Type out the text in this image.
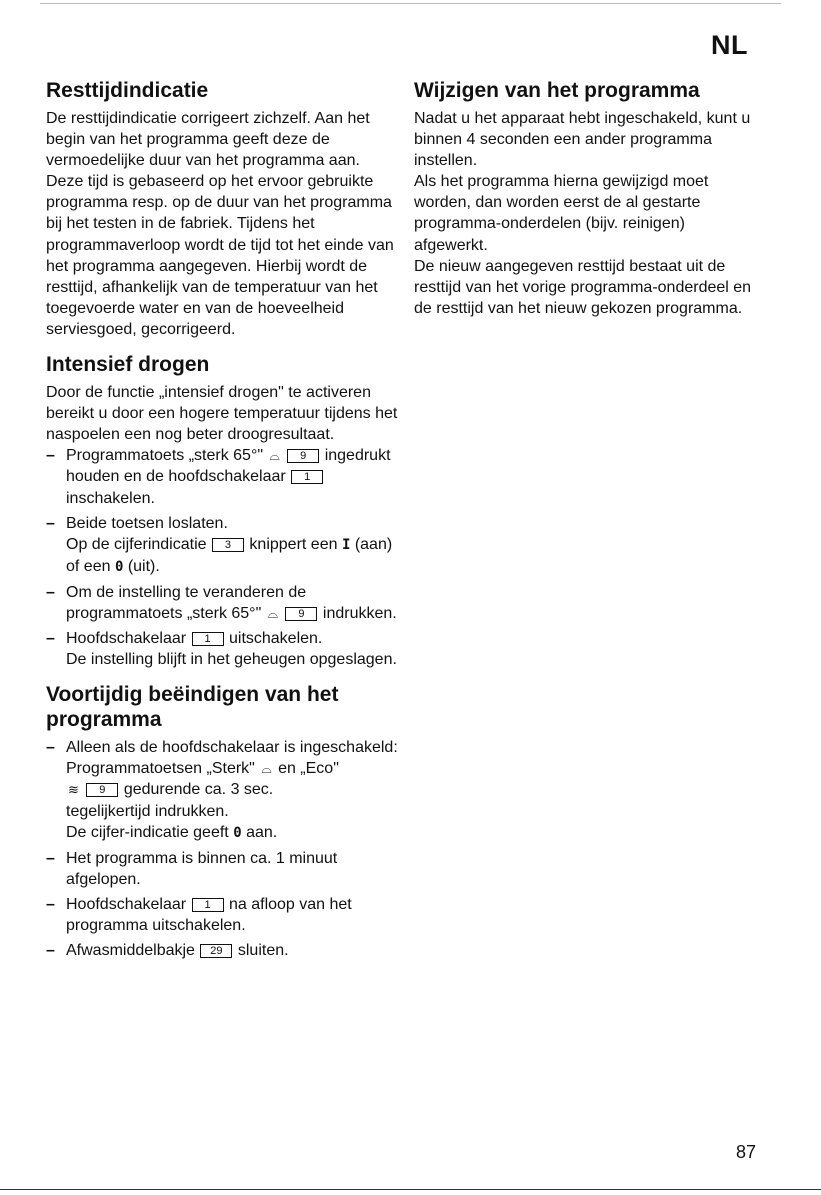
NL
Resttijdindicatie

De resttijdindicatie corrigeert zichzelf. Aan het begin van het programma geeft deze de vermoedelijke duur van het programma aan. Deze tijd is gebaseerd op het ervoor gebruikte programma resp. op de duur van het programma bij het testen in de fabriek. Tijdens het programmaverloop wordt de tijd tot het einde van het programma aangegeven. Hierbij wordt de resttijd, afhankelijk van de temperatuur van het toegevoerde water en van de hoeveelheid serviesgoed, gecorrigeerd.

Intensief drogen

Door de functie „intensief drogen" te activeren bereikt u door een hogere temperatuur tijdens het naspoelen een nog beter droogresultaat.

– Programmatoets „sterk 65°" ⌓ 9 ingedrukt houden en de hoofdschakelaar 1 inschakelen.
– Beide toetsen loslaten.
Op de cijferindicatie 3 knippert een I (aan) of een 0 (uit).
– Om de instelling te veranderen de programmatoets „sterk 65°" ⌓ 9 indrukken.
– Hoofdschakelaar 1 uitschakelen.
De instelling blijft in het geheugen opgeslagen.
Voortijdig beëindigen van het programma
– Alleen als de hoofdschakelaar is ingeschakeld:
Programmatoetsen „Sterk" ⌓ en „Eco"
≋ 9 gedurende ca. 3 sec.
tegelijkertijd indrukken.
De cijfer-indicatie geeft 0 aan.
– Het programma is binnen ca. 1 minuut afgelopen.
– Hoofdschakelaar 1 na afloop van het programma uitschakelen.
– Afwasmiddelbakje 29 sluiten.
Wijzigen van het programma

Nadat u het apparaat hebt ingeschakeld, kunt u binnen 4 seconden een ander programma instellen.

Als het programma hierna gewijzigd moet worden, dan worden eerst de al gestarte programma-onderdelen (bijv. reinigen) afgewerkt.

De nieuw aangegeven resttijd bestaat uit de resttijd van het vorige programma-onderdeel en de resttijd van het nieuw gekozen programma.

87
